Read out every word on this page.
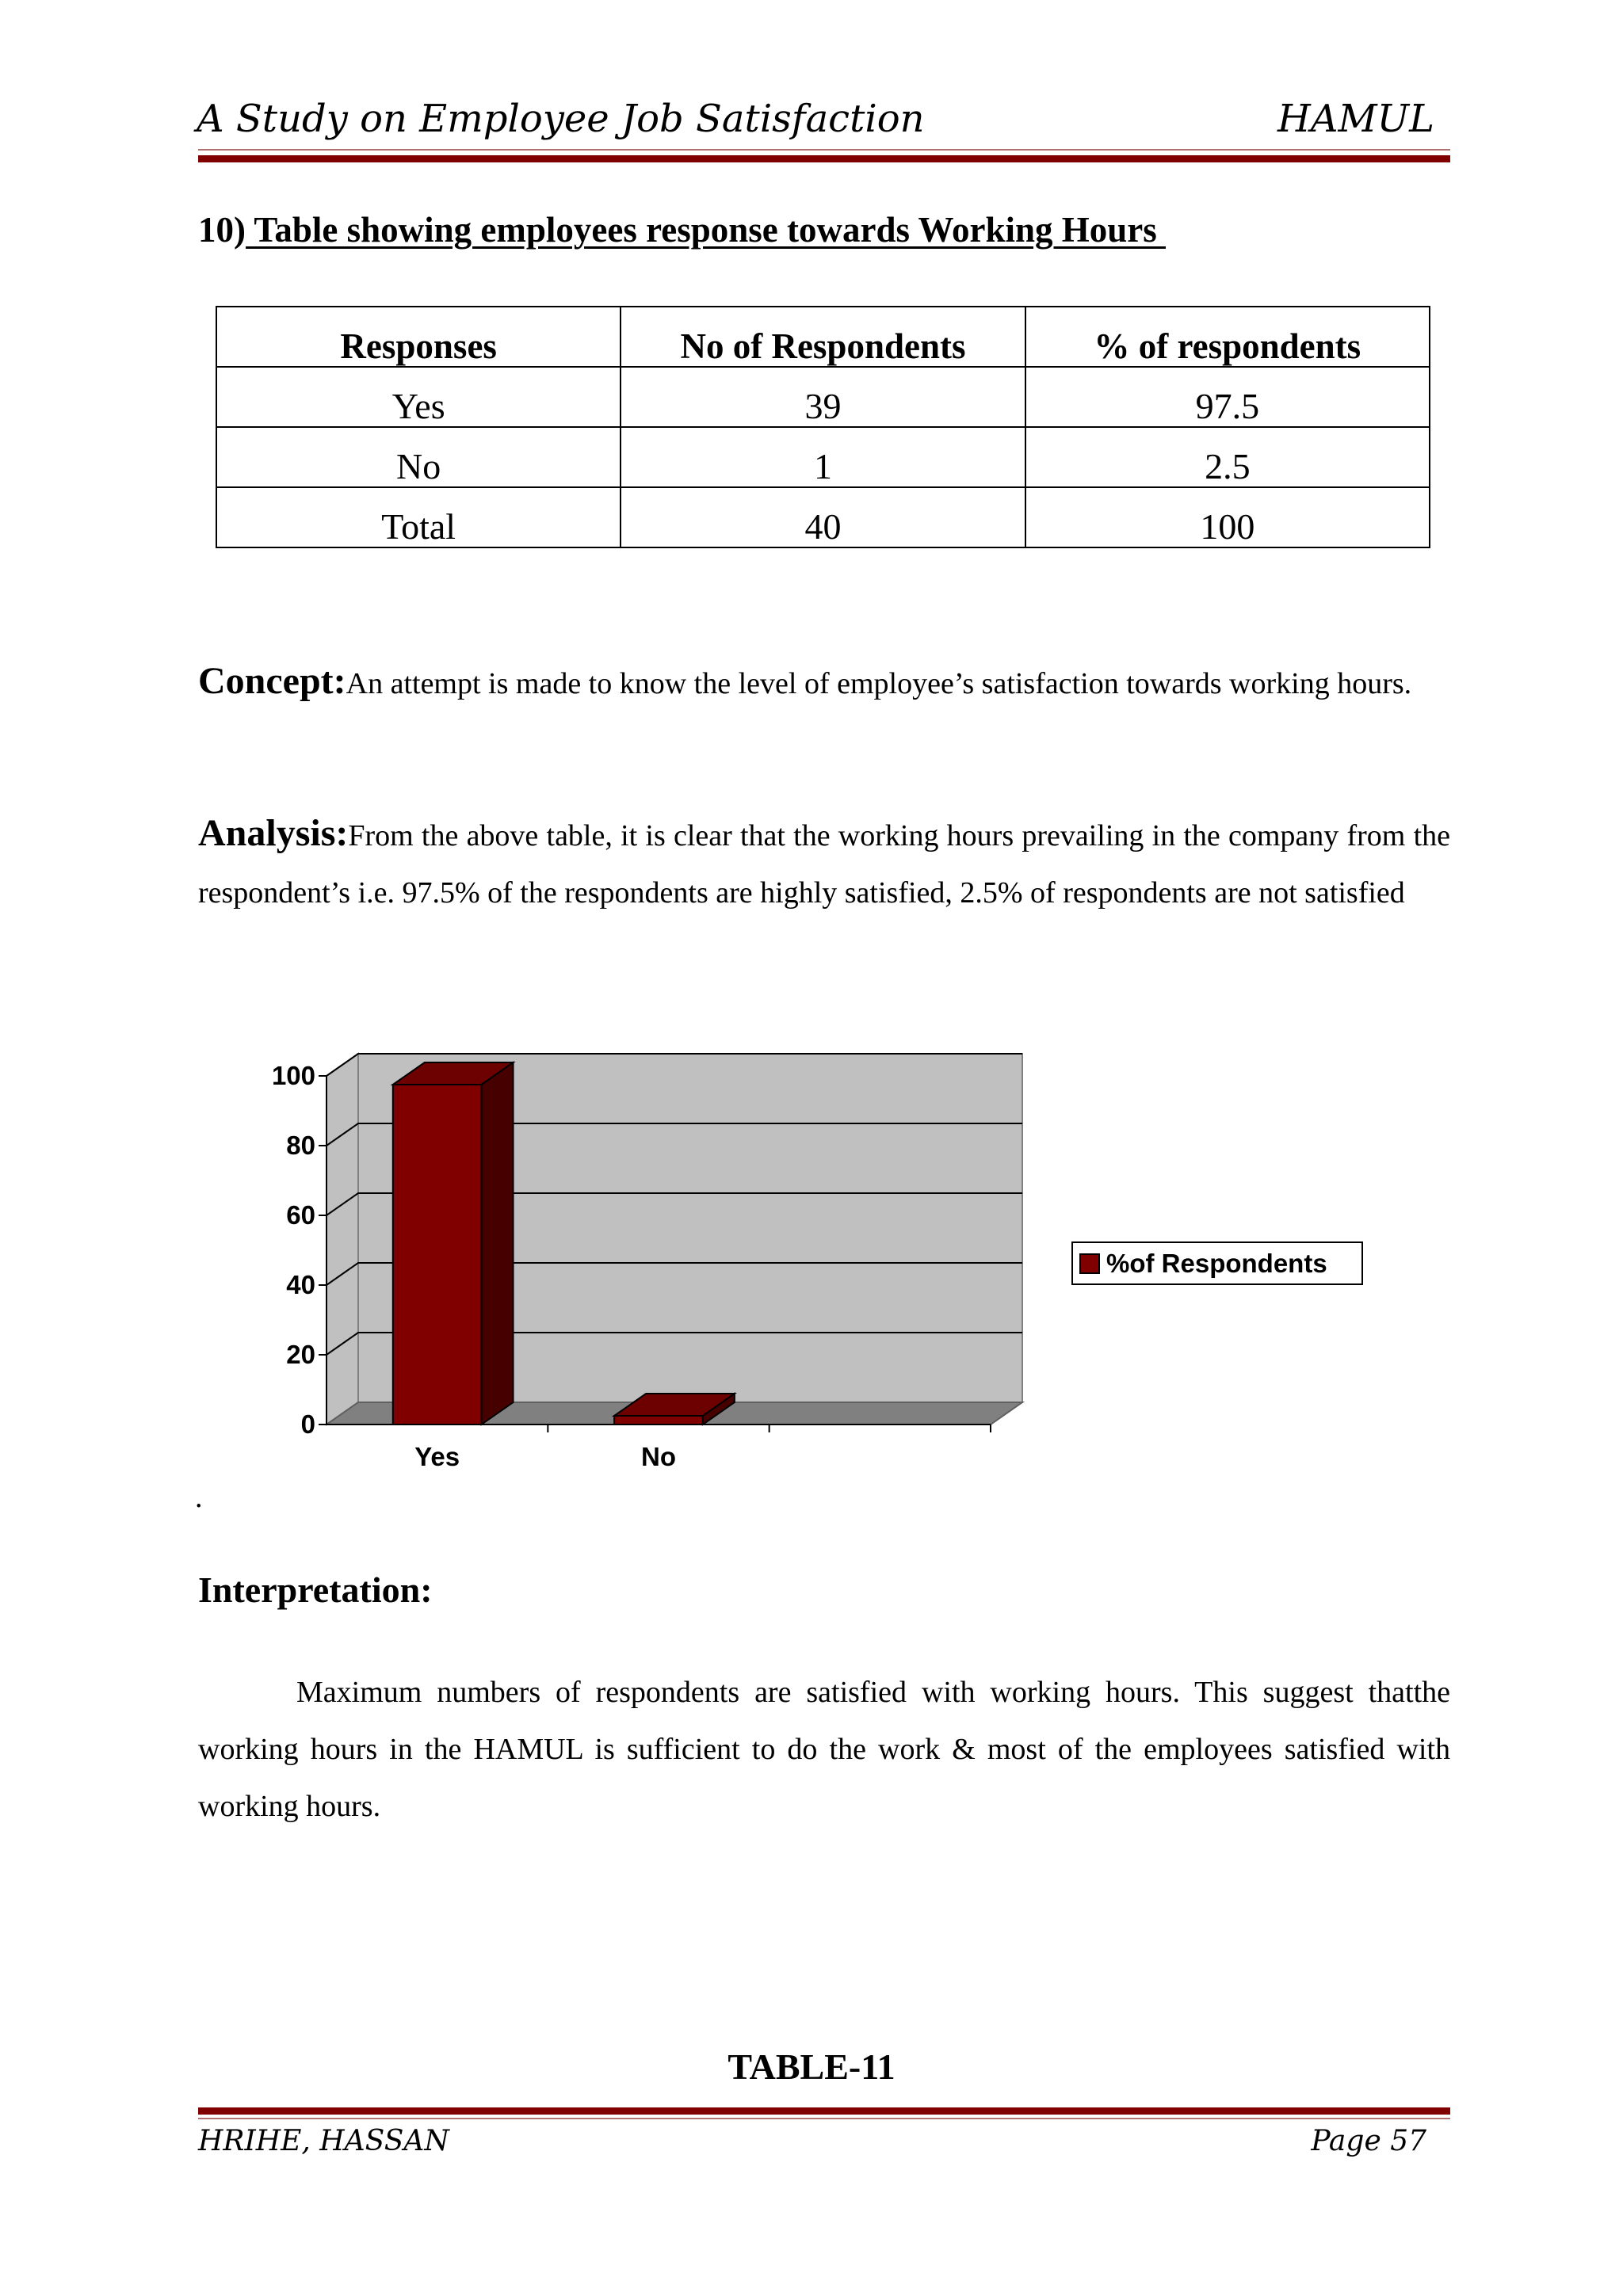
A Study on Employee Job Satisfaction	HAMUL
10) Table showing employees response towards Working Hours
Responses	No of Respondents	% of respondents
Yes	39	97.5
No	1	2.5
Total	40	100
Concept:An attempt is made to know the level of employee’s satisfaction towards working hours.
Analysis:From the above table, it is clear that the working hours prevailing in the company from the respondent’s i.e. 97.5% of the respondents are highly satisfied, 2.5% of respondents are not satisfied
0
20
40
60
80
100
Yes	No
%of Respondents
.
Interpretation:
Maximum numbers of respondents are satisfied with working hours. This suggest thatthe working hours in the HAMUL is sufficient to do the work & most of the employees satisfied with working hours.
TABLE-11
HRIHE, HASSAN	Page 57
